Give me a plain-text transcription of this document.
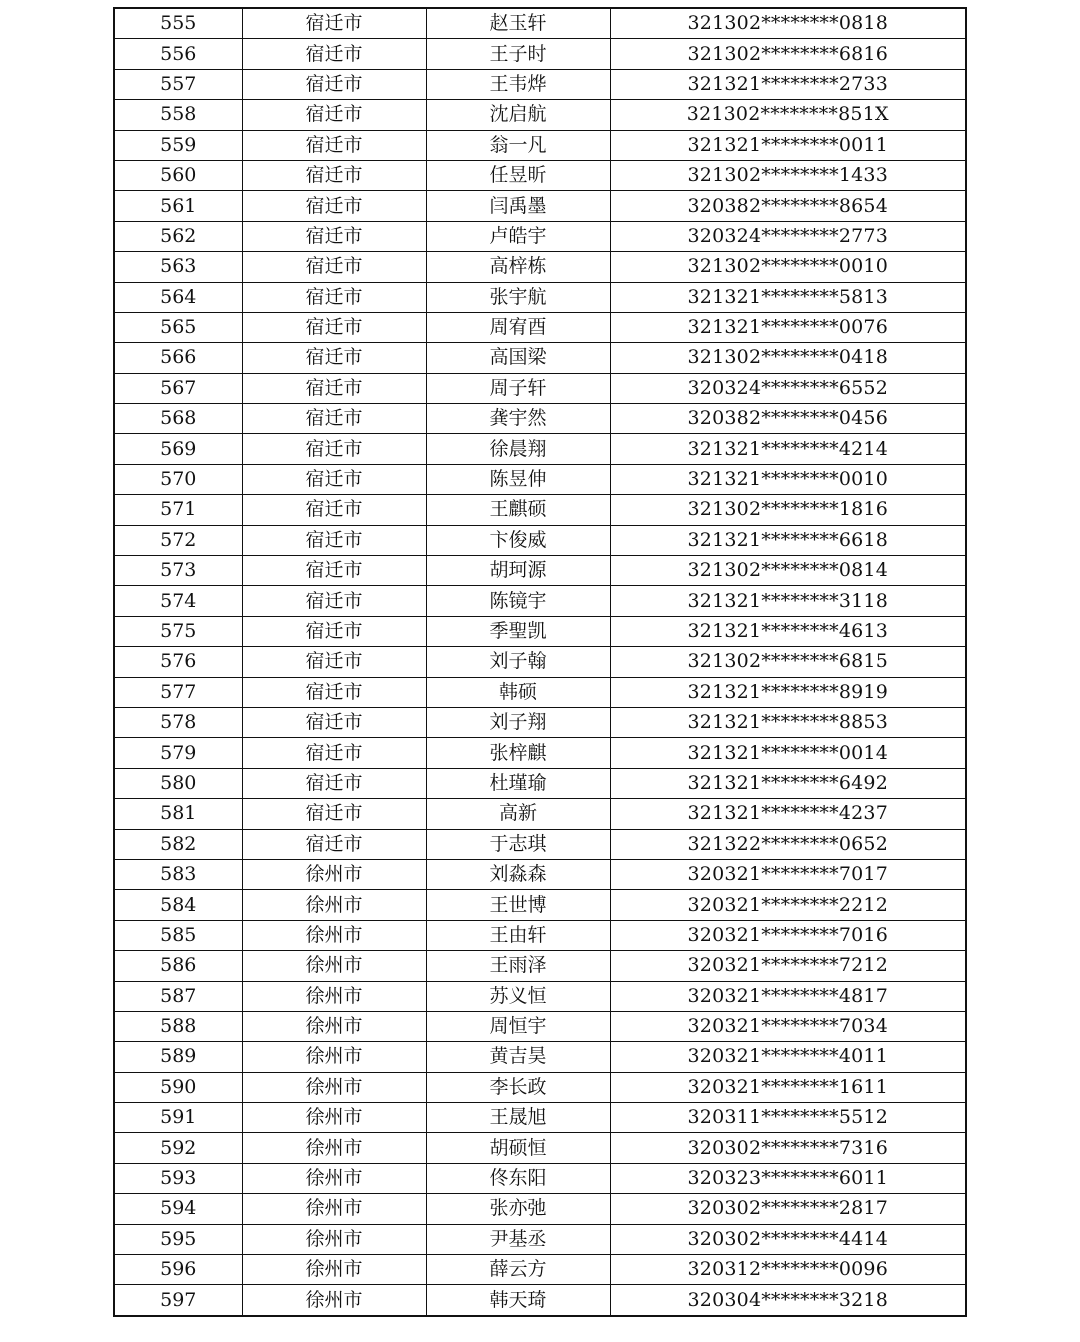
555	宿迁市	赵玉轩	321302********0818
556	宿迁市	王子时	321302********6816
557	宿迁市	王韦烨	321321********2733
558	宿迁市	沈启航	321302********851X
559	宿迁市	翁一凡	321321********0011
560	宿迁市	任昱昕	321302********1433
561	宿迁市	闫禹墨	320382********8654
562	宿迁市	卢皓宇	320324********2773
563	宿迁市	高梓栋	321302********0010
564	宿迁市	张宇航	321321********5813
565	宿迁市	周宥酉	321321********0076
566	宿迁市	高国梁	321302********0418
567	宿迁市	周子轩	320324********6552
568	宿迁市	龚宇然	320382********0456
569	宿迁市	徐晨翔	321321********4214
570	宿迁市	陈昱伸	321321********0010
571	宿迁市	王麒硕	321302********1816
572	宿迁市	卞俊威	321321********6618
573	宿迁市	胡珂源	321302********0814
574	宿迁市	陈镜宇	321321********3118
575	宿迁市	季聖凯	321321********4613
576	宿迁市	刘子翰	321302********6815
577	宿迁市	韩硕	321321********8919
578	宿迁市	刘子翔	321321********8853
579	宿迁市	张梓麒	321321********0014
580	宿迁市	杜瑾瑜	321321********6492
581	宿迁市	高新	321321********4237
582	宿迁市	于志琪	321322********0652
583	徐州市	刘淼森	320321********7017
584	徐州市	王世博	320321********2212
585	徐州市	王由轩	320321********7016
586	徐州市	王雨泽	320321********7212
587	徐州市	苏义恒	320321********4817
588	徐州市	周恒宇	320321********7034
589	徐州市	黄吉昊	320321********4011
590	徐州市	李长政	320321********1611
591	徐州市	王晟旭	320311********5512
592	徐州市	胡硕恒	320302********7316
593	徐州市	佟东阳	320323********6011
594	徐州市	张亦弛	320302********2817
595	徐州市	尹基丞	320302********4414
596	徐州市	薛云方	320312********0096
597	徐州市	韩天琦	320304********3218
